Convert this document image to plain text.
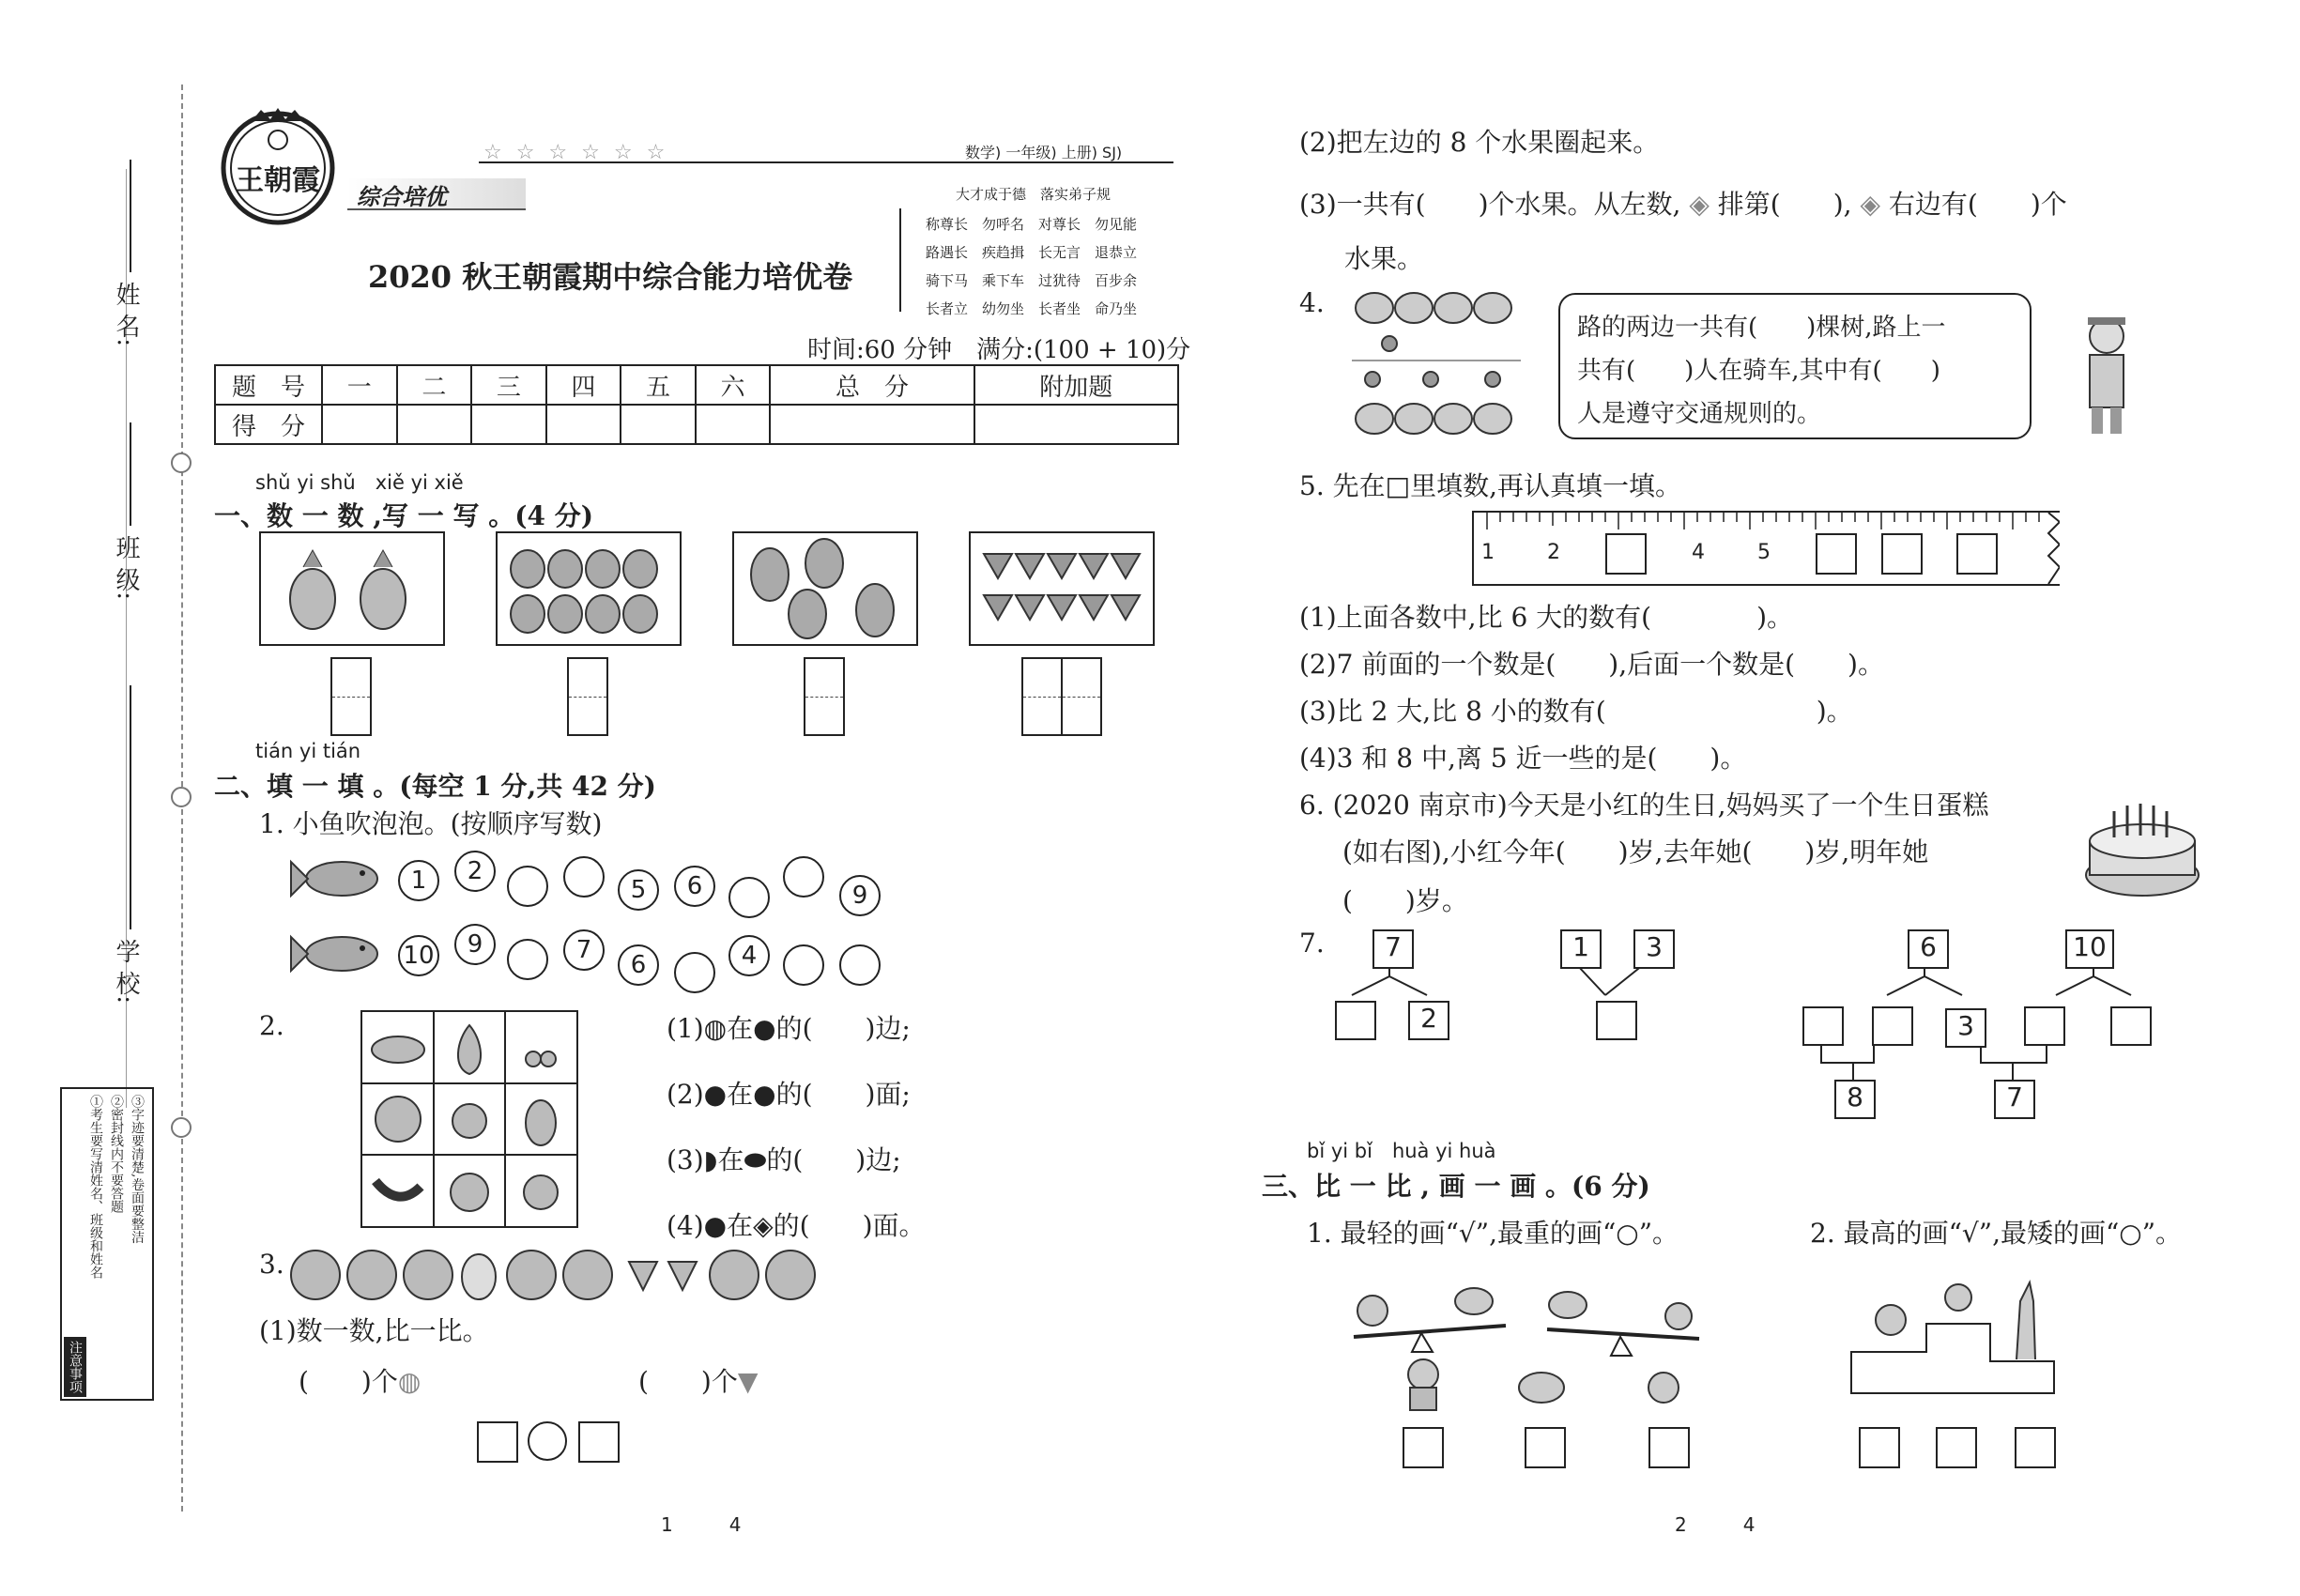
姓 名:
班 级:
学 校:
注意事项
①考生要写清姓名、班级和姓名 ②密封线内不要答题 ③字迹要清楚,卷面要整洁
王朝霞 综合培优
☆ ☆ ☆ ☆ ☆ ☆	数学) 一年级) 上册) SJ)
2020 秋王朝霞期中综合能力培优卷
大才成于德　落实弟子规
称尊长　勿呼名　对尊长　勿见能
路遇长　疾趋揖　长无言　退恭立
骑下马　乘下车　过犹待　百步余
长者立　幼勿坐　长者坐　命乃坐
时间:60 分钟　满分:(100 + 10)分
题　号	一	二	三	四	五	六	总　分	附加题
得　分								
shǔ yi shǔ　xiě yi xiě
一、数 一 数 ,写 一 写 。(4 分)
tián yi tián
二、填 一 填 。(每空 1 分,共 42 分)
1. 小鱼吹泡泡。(按顺序写数)
1	2
5	6	9
10	9	7
6	4
2.	(1)◍在●的(　　)边;
(2)●在●的(　　)面;
(3)◗在⬬的(　　)边;
(4)●在◈的(　　)面。
3.
(1)数一数,比一比。
(　　)个◍	(　　)个▼
1　　　4
(2)把左边的 8 个水果圈起来。
(3)一共有(　　)个水果。从左数, ◈ 排第(　　), ◈ 右边有(　　)个
水果。
4.
路的两边一共有(　　)棵树,路上一
共有(　　)人在骑车,其中有(　　)
人是遵守交通规则的。
5. 先在□里填数,再认真填一填。
1	2	4	5
(1)上面各数中,比 6 大的数有(　　　　)。
(2)7 前面的一个数是(　　),后面一个数是(　　)。
(3)比 2 大,比 8 小的数有(　　　　　　　　)。
(4)3 和 8 中,离 5 近一些的是(　　)。
6. (2020 南京市)今天是小红的生日,妈妈买了一个生日蛋糕
(如右图),小红今年(　　)岁,去年她(　　)岁,明年她
(　　)岁。
7.	7
2
1	3	6	10
3
8	7
bǐ yi bǐ　huà yi huà
三、比 一 比 , 画 一 画 。(6 分)
1. 最轻的画“√”,最重的画“○”。	2. 最高的画“√”,最矮的画“○”。
2　　　4
